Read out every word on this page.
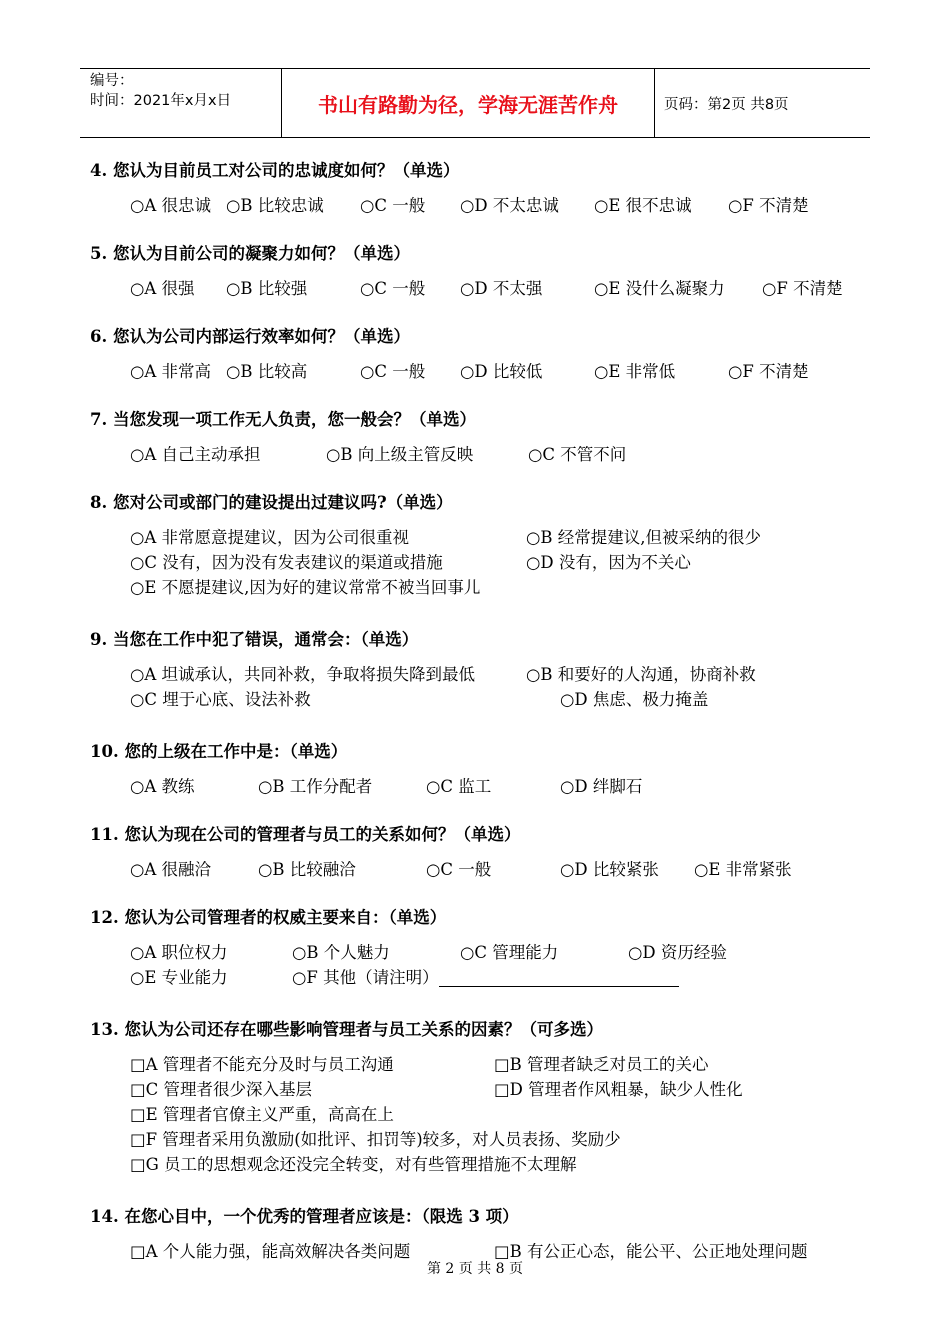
编号：
时间：2021年x月x日	书山有路勤为径，学海无涯苦作舟	页码：第2页 共8页
4. 您认为目前员工对公司的忠诚度如何？（单选）
○A 很忠诚 ○B 比较忠诚 ○C 一般 ○D 不太忠诚 ○E 很不忠诚 ○F 不清楚
5. 您认为目前公司的凝聚力如何？（单选）
○A 很强 ○B 比较强	○C 一般 ○D 不太强	○E 没什么凝聚力 ○F 不清楚
6. 您认为公司内部运行效率如何？（单选）
○A 非常高 ○B 比较高	○C 一般 ○D 比较低	○E 非常低	○F 不清楚
7. 当您发现一项工作无人负责，您一般会？（单选）
○A 自己主动承担	○B 向上级主管反映	○C 不管不问
8. 您对公司或部门的建设提出过建议吗?（单选）
○A 非常愿意提建议，因为公司很重视	○B 经常提建议,但被采纳的很少
○C 没有，因为没有发表建议的渠道或措施	○D 没有，因为不关心
○E 不愿提建议,因为好的建议常常不被当回事儿
9. 当您在工作中犯了错误，通常会：（单选）
○A 坦诚承认，共同补救，争取将损失降到最低	○B 和要好的人沟通，协商补救
○C 埋于心底、设法补救	○D 焦虑、极力掩盖
10. 您的上级在工作中是：（单选）
○A 教练	○B 工作分配者	○C 监工	○D 绊脚石
11. 您认为现在公司的管理者与员工的关系如何？（单选）
○A 很融洽	○B 比较融洽	○C 一般	○D 比较紧张 ○E 非常紧张
12. 您认为公司管理者的权威主要来自：（单选）
○A 职位权力	○B 个人魅力	○C 管理能力	○D 资历经验
○E 专业能力	○F 其他（请注明）
13. 您认为公司还存在哪些影响管理者与员工关系的因素？（可多选）
□A 管理者不能充分及时与员工沟通	□B 管理者缺乏对员工的关心
□C 管理者很少深入基层	□D 管理者作风粗暴，缺少人性化
□E 管理者官僚主义严重，高高在上
□F 管理者采用负激励(如批评、扣罚等)较多，对人员表扬、奖励少
□G 员工的思想观念还没完全转变，对有些管理措施不太理解
14. 在您心目中，一个优秀的管理者应该是：（限选 3 项）
□A 个人能力强，能高效解决各类问题	□B 有公正心态，能公平、公正地处理问题
第 2 页 共 8 页
